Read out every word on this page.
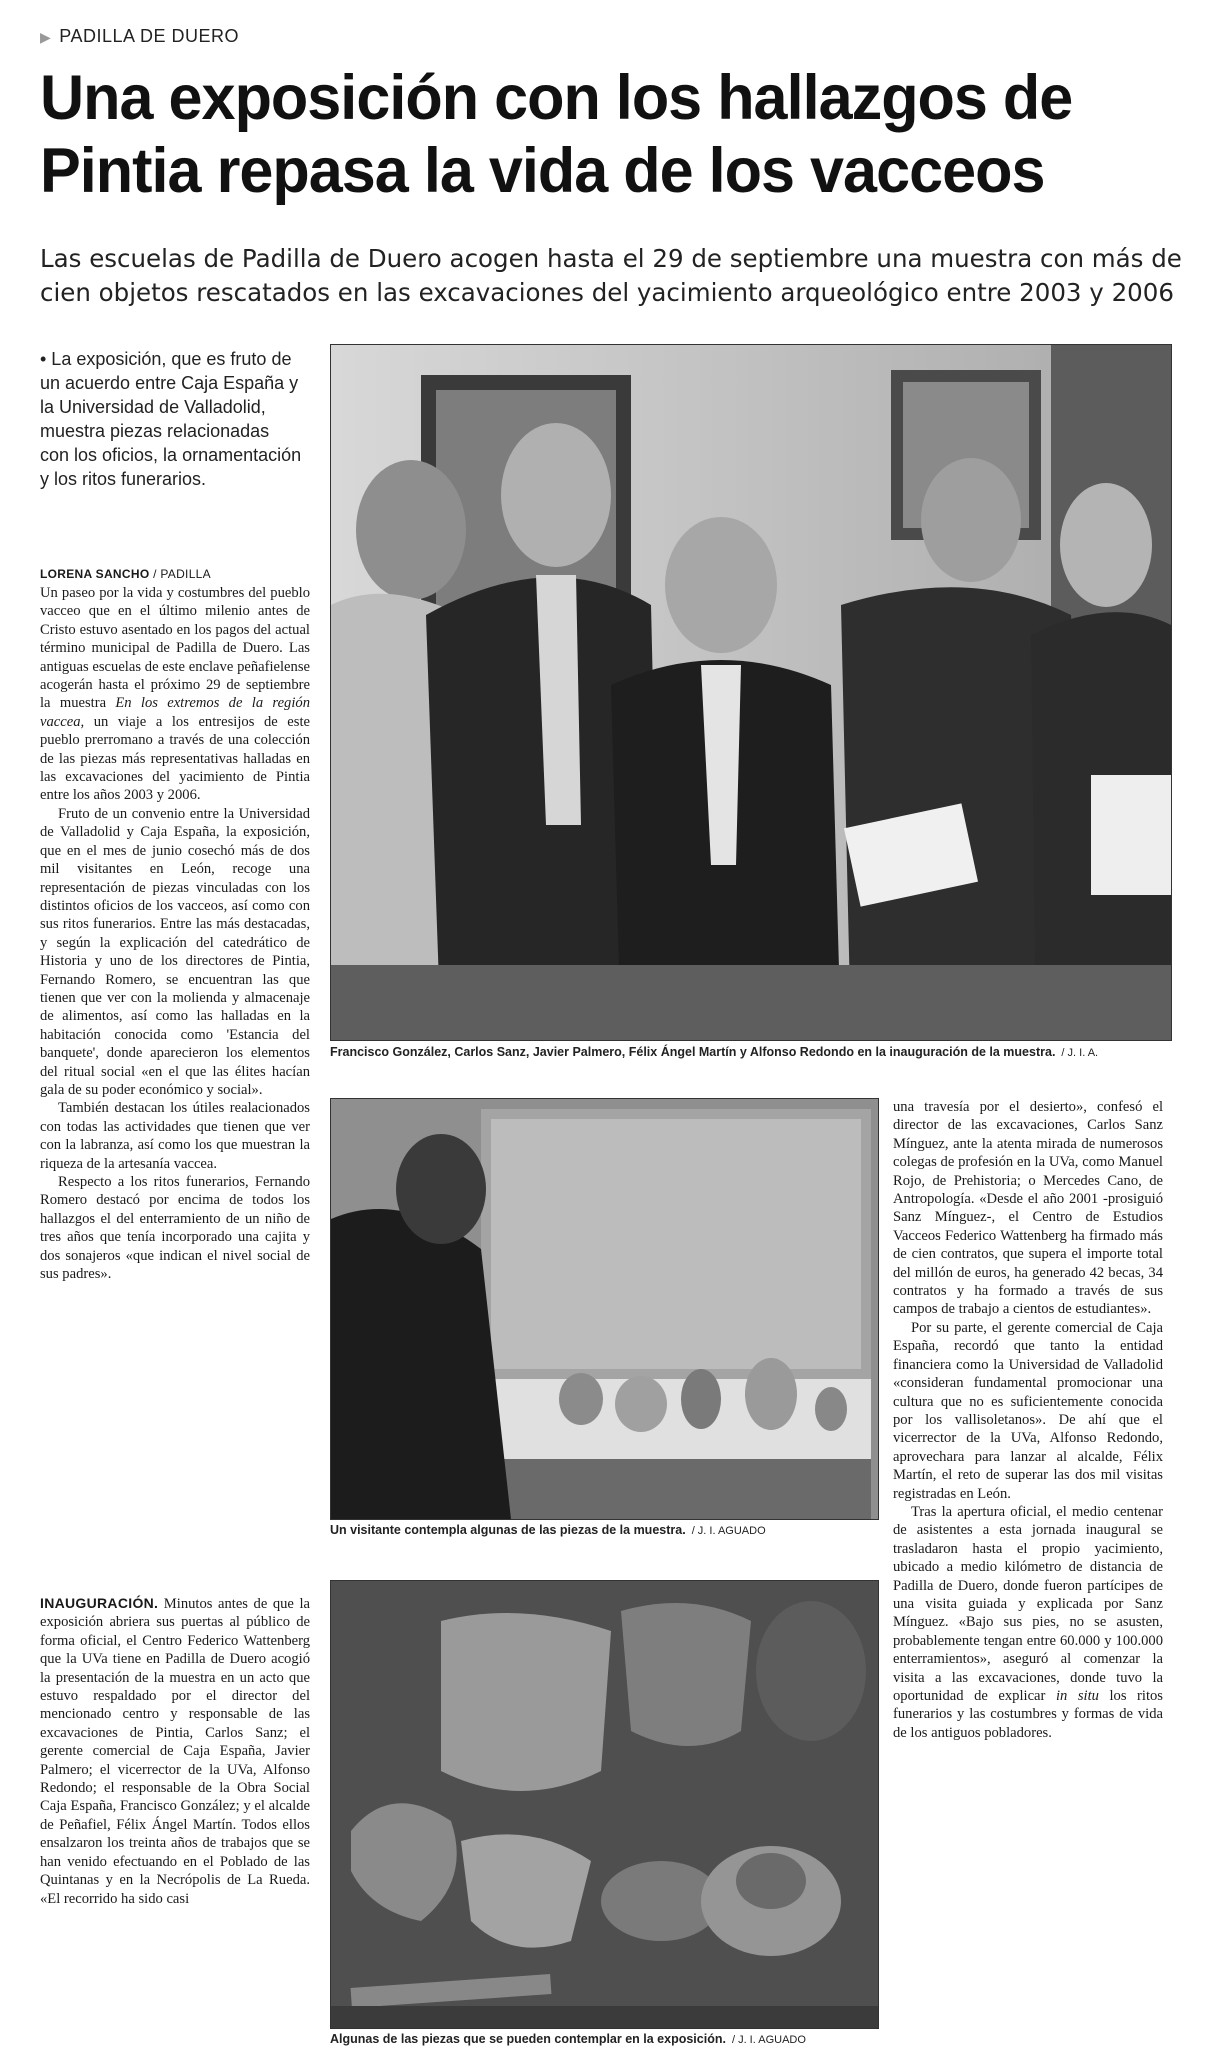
▶ PADILLA DE DUERO
Una exposición con los hallazgos de
Pintia repasa la vida de los vacceos

Las escuelas de Padilla de Duero acogen hasta el 29 de septiembre una muestra con más de
cien objetos rescatados en las excavaciones del yacimiento arqueológico entre 2003 y 2006

• La exposición, que es fruto de un acuerdo entre Caja España y la Universidad de Valladolid, muestra piezas relacionadas con los oficios, la ornamentación y los ritos funerarios.

LORENA SANCHO / PADILLA

Un paseo por la vida y costumbres del pueblo vacceo que en el último milenio antes de Cristo estuvo asentado en los pagos del actual término municipal de Padilla de Duero. Las antiguas escuelas de este enclave peñafielense acogerán hasta el próximo 29 de septiembre la muestra En los extremos de la región vaccea, un viaje a los entresijos de este pueblo prerromano a través de una colección de las piezas más representativas halladas en las excavaciones del yacimiento de Pintia entre los años 2003 y 2006.

Fruto de un convenio entre la Universidad de Valladolid y Caja España, la exposición, que en el mes de junio cosechó más de dos mil visitantes en León, recoge una representación de piezas vinculadas con los distintos oficios de los vacceos, así como con sus ritos funerarios. Entre las más destacadas, y según la explicación del catedrático de Historia y uno de los directores de Pintia, Fernando Romero, se encuentran las que tienen que ver con la molienda y almacenaje de alimentos, así como las halladas en la habitación conocida como 'Estancia del banquete', donde aparecieron los elementos del ritual social «en el que las élites hacían gala de su poder económico y social».

También destacan los útiles realacionados con todas las actividades que tienen que ver con la labranza, así como los que muestran la riqueza de la artesanía vaccea.

Respecto a los ritos funerarios, Fernando Romero destacó por encima de todos los hallazgos el del enterramiento de un niño de tres años que tenía incorporado una cajita y dos sonajeros «que indican el nivel social de sus padres».

INAUGURACIÓN. Minutos antes de que la exposición abriera sus puertas al público de forma oficial, el Centro Federico Wattenberg que la UVa tiene en Padilla de Duero acogió la presentación de la muestra en un acto que estuvo respaldado por el director del mencionado centro y responsable de las excavaciones de Pintia, Carlos Sanz; el gerente comercial de Caja España, Javier Palmero; el vicerrector de la UVa, Alfonso Redondo; el responsable de la Obra Social Caja España, Francisco González; y el alcalde de Peñafiel, Félix Ángel Martín. Todos ellos ensalzaron los treinta años de trabajos que se han venido efectuando en el Poblado de las Quintanas y en la Necrópolis de La Rueda. «El recorrido ha sido casi

una travesía por el desierto», confesó el director de las excavaciones, Carlos Sanz Mínguez, ante la atenta mirada de numerosos colegas de profesión en la UVa, como Manuel Rojo, de Prehistoria; o Mercedes Cano, de Antropología. «Desde el año 2001 -prosiguió Sanz Mínguez-, el Centro de Estudios Vacceos Federico Wattenberg ha firmado más de cien contratos, que supera el importe total del millón de euros, ha generado 42 becas, 34 contratos y ha formado a través de sus campos de trabajo a cientos de estudiantes».

Por su parte, el gerente comercial de Caja España, recordó que tanto la entidad financiera como la Universidad de Valladolid «consideran fundamental promocionar una cultura que no es suficientemente conocida por los vallisoletanos». De ahí que el vicerrector de la UVa, Alfonso Redondo, aprovechara para lanzar al alcalde, Félix Martín, el reto de superar las dos mil visitas registradas en León.

Tras la apertura oficial, el medio centenar de asistentes a esta jornada inaugural se trasladaron hasta el propio yacimiento, ubicado a medio kilómetro de distancia de Padilla de Duero, donde fueron partícipes de una visita guiada y explicada por Sanz Mínguez. «Bajo sus pies, no se asusten, probablemente tengan entre 60.000 y 100.000 enterramientos», aseguró al comenzar la visita a las excavaciones, donde tuvo la oportunidad de explicar in situ los ritos funerarios y las costumbres y formas de vida de los antiguos pobladores.

Francisco González, Carlos Sanz, Javier Palmero, Félix Ángel Martín y Alfonso Redondo en la inauguración de la muestra. / J. I. A.
Un visitante contempla algunas de las piezas de la muestra. / J. I. AGUADO
Algunas de las piezas que se pueden contemplar en la exposición. / J. I. AGUADO
